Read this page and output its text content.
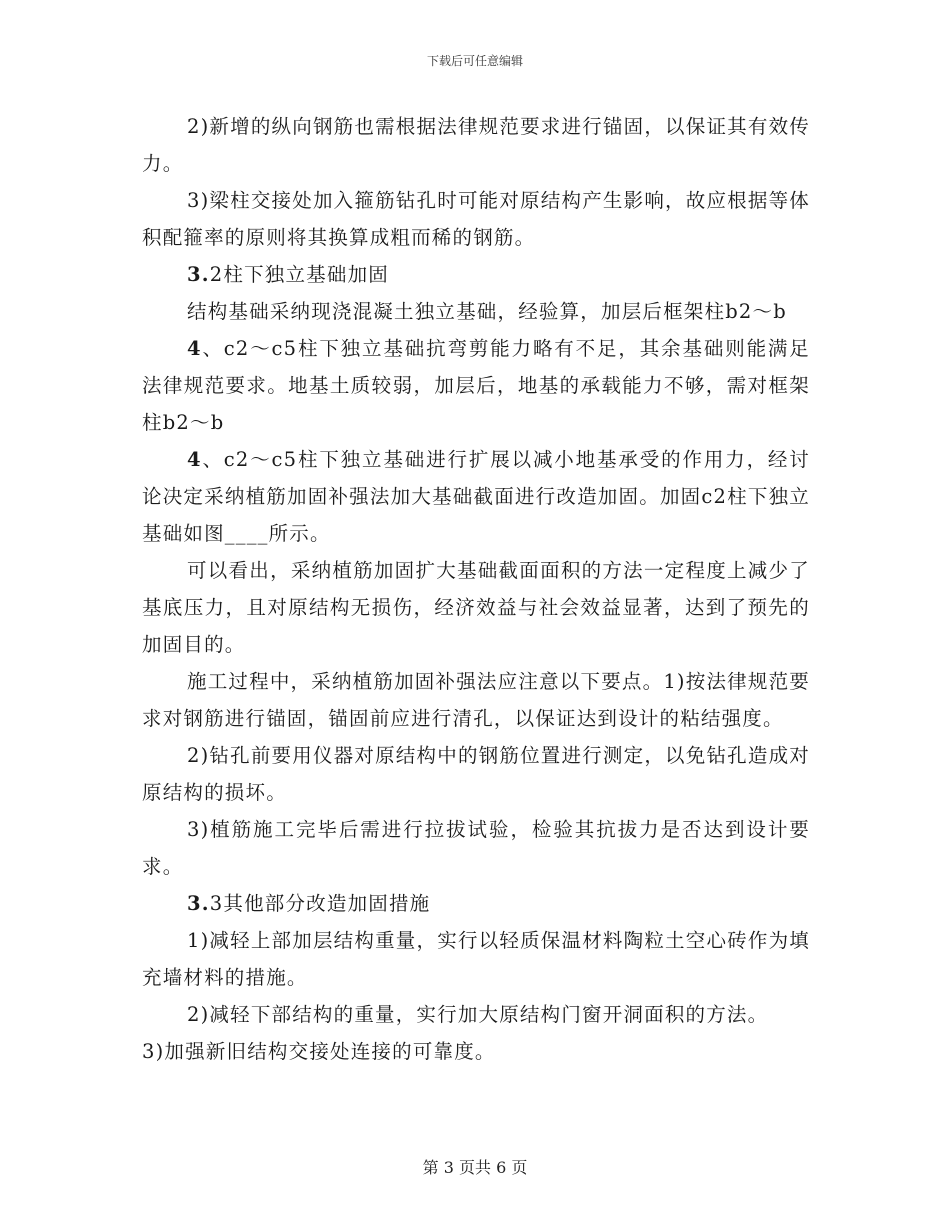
下载后可任意编辑

2)新增的纵向钢筋也需根据法律规范要求进行锚固，以保证其有效传力。

3)梁柱交接处加入箍筋钻孔时可能对原结构产生影响，故应根据等体积配箍率的原则将其换算成粗而稀的钢筋。

3.2柱下独立基础加固

结构基础采纳现浇混凝土独立基础，经验算，加层后框架柱b2～b

4、c2～c5柱下独立基础抗弯剪能力略有不足，其余基础则能满足法律规范要求。地基土质较弱，加层后，地基的承载能力不够，需对框架柱b2～b

4、c2～c5柱下独立基础进行扩展以减小地基承受的作用力，经讨论决定采纳植筋加固补强法加大基础截面进行改造加固。加固c2柱下独立基础如图____所示。

可以看出，采纳植筋加固扩大基础截面面积的方法一定程度上减少了基底压力，且对原结构无损伤，经济效益与社会效益显著，达到了预先的加固目的。

施工过程中，采纳植筋加固补强法应注意以下要点。1)按法律规范要求对钢筋进行锚固，锚固前应进行清孔，以保证达到设计的粘结强度。

2)钻孔前要用仪器对原结构中的钢筋位置进行测定，以免钻孔造成对原结构的损坏。

3)植筋施工完毕后需进行拉拔试验，检验其抗拔力是否达到设计要求。

3.3其他部分改造加固措施

1)减轻上部加层结构重量，实行以轻质保温材料陶粒土空心砖作为填充墙材料的措施。

2)减轻下部结构的重量，实行加大原结构门窗开洞面积的方法。

3)加强新旧结构交接处连接的可靠度。

第 3 页共 6 页
